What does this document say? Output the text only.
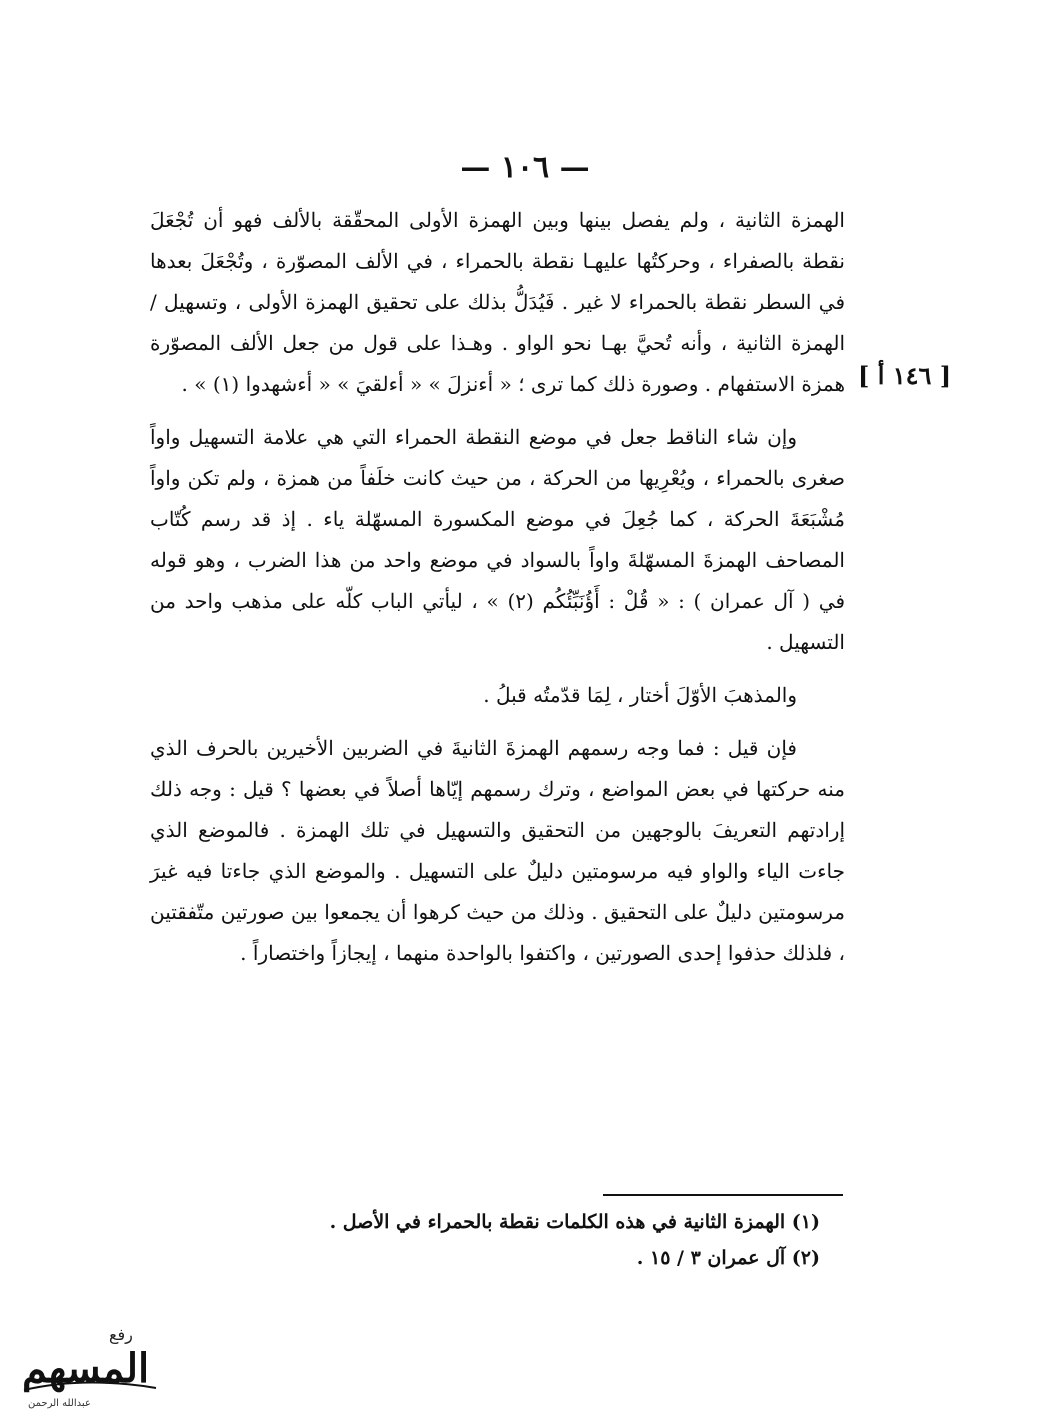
— ١٠٦ —
[ ١٤٦ أ ]

الهمزة الثانية ، ولم يفصل بينها وبين الهمزة الأولى المحقّقة بالألف فهو أن تُجْعَلَ نقطة بالصفراء ، وحركتُها عليهـا نقطة بالحمراء ، في الألف المصوّرة ، وتُجْعَلَ بعدها في السطر نقطة بالحمراء لا غير . فَيُدَلُّ بذلك على تحقيق الهمزة الأولى ، وتسهيل / الهمزة الثانية ، وأنه تُحيَّ بهـا نحو الواو . وهـذا على قول من جعل الألف المصوّرة همزة الاستفهام . وصورة ذلك كما ترى ؛ « أءنزلَ » « أءلقيَ » « أءشهدوا (١) » .

وإن شاء الناقط جعل في موضع النقطة الحمراء التي هي علامة التسهيل واواً صغرى بالحمراء ، ويُعْرِيها من الحركة ، من حيث كانت خلَفاً من همزة ، ولم تكن واواً مُشْبَعَةَ الحركة ، كما جُعِلَ في موضع المكسورة المسهّلة ياء . إذ قد رسم كُتّاب المصاحف الهمزةَ المسهّلةَ واواً بالسواد في موضع واحد من هذا الضرب ، وهو قوله في ( آل عمران ) : « قُلْ : أَؤُنَبِّئُكُم (٢) » ، ليأتي الباب كلّه على مذهب واحد من التسهيل .

والمذهبَ الأوّلَ أختار ، لِمَا قدّمتُه قبلُ .

فإن قيل : فما وجه رسمهم الهمزةَ الثانيةَ في الضربين الأخيرين بالحرف الذي منه حركتها في بعض المواضع ، وترك رسمهم إيّاها أصلاً في بعضها ؟ قيل : وجه ذلك إرادتهم التعريفَ بالوجهين من التحقيق والتسهيل في تلك الهمزة . فالموضع الذي جاءت الياء والواو فيه مرسومتين دليلٌ على التسهيل . والموضع الذي جاءتا فيه غيرَ مرسومتين دليلٌ على التحقيق . وذلك من حيث كرهوا أن يجمعوا بين صورتين متّفقتين ، فلذلك حذفوا إحدى الصورتين ، واكتفوا بالواحدة منهما ، إيجازاً واختصاراً .

(١) الهمزة الثانية في هذه الكلمات نقطة بالحمراء في الأصل .

(٢) آل عمران ٣ / ١٥ .

رفع
المسهم
عبدالله الرحمن
